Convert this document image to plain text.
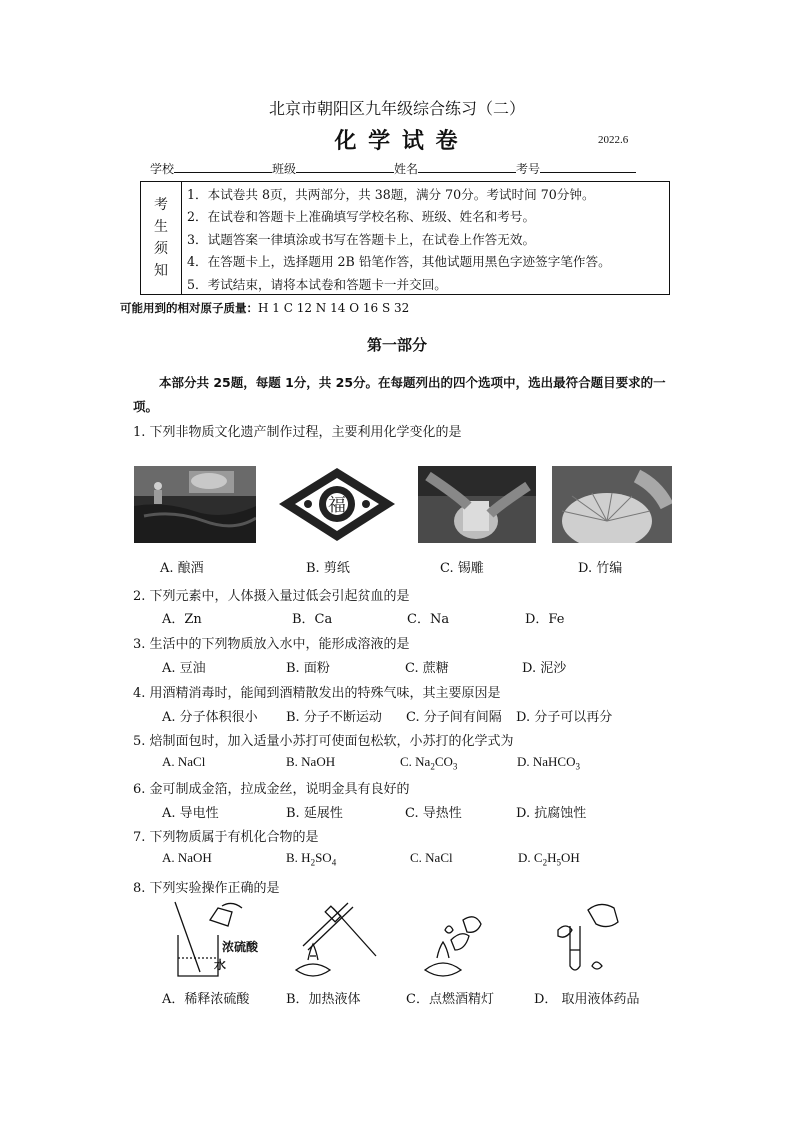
北京市朝阳区九年级综合练习（二）
化 学 试 卷	2022.6
学校	班级	姓名	考号
考
生
须
知
1．本试卷共 8页，共两部分，共 38题，满分 70分。考试时间 70分钟。
2．在试卷和答题卡上准确填写学校名称、班级、姓名和考号。
3．试题答案一律填涂或书写在答题卡上，在试卷上作答无效。
4．在答题卡上，选择题用 2B 铅笔作答，其他试题用黑色字迹签字笔作答。
5．考试结束，请将本试卷和答题卡一并交回。
可能用到的相对原子质量：H 1 C 12 N 14 O 16 S 32
第一部分
本部分共 25题，每题 1分，共 25分。在每题列出的四个选项中，选出最符合题目要求的一项。
1. 下列非物质文化遗产制作过程，主要利用化学变化的是
福
A. 酿酒	B. 剪纸	C. 锡雕	D. 竹编
2. 下列元素中，人体摄入量过低会引起贫血的是
A．Zn	B．Ca	C．Na	D．Fe
3. 生活中的下列物质放入水中，能形成溶液的是
A. 豆油	B. 面粉	C. 蔗糖	D. 泥沙
4. 用酒精消毒时，能闻到酒精散发出的特殊气味，其主要原因是
A. 分子体积很小 B. 分子不断运动 C. 分子间有间隔 D. 分子可以再分
5. 焙制面包时，加入适量小苏打可使面包松软，小苏打的化学式为
A. NaCl	B. NaOH	C. $Na_2CO_3$	D. NaHCO$_3$
6. 金可制成金箔，拉成金丝，说明金具有良好的
A. 导电性	B. 延展性	C. 导热性	D. 抗腐蚀性
7. 下列物质属于有机化合物的是
A. NaOH	B. $H_2SO_4$	C. NaCl	D. $C_2H_5OH$
8. 下列实验操作正确的是
浓硫酸
水
A．稀释浓硫酸	B．加热液体	C．点燃酒精灯	D． 取用液体药品
